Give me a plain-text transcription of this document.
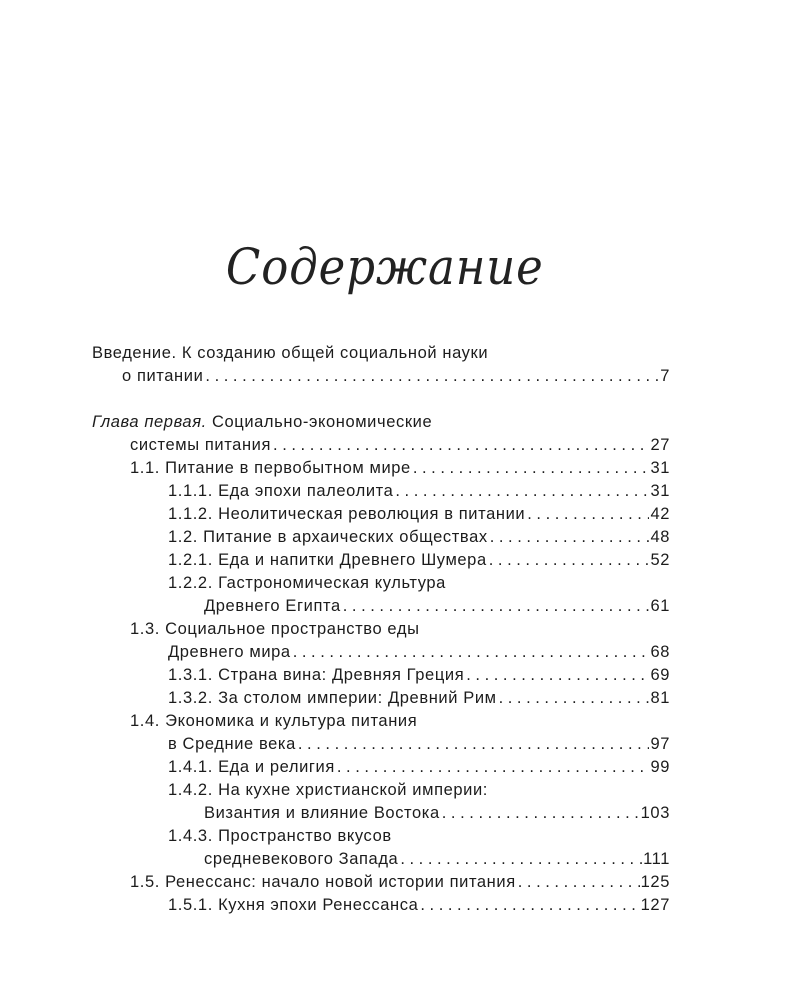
Содержание
Введение. К созданию общей социальной науки
о питании . . .	7
Глава первая. Социально-экономические
системы питания . . .	27
1.1. Питание в первобытном мире . . .	31
1.1.1. Еда эпохи палеолита . . .	31
1.1.2. Неолитическая революция в питании . . .	42
1.2. Питание в архаических обществах . . .	48
1.2.1. Еда и напитки Древнего Шумера . . .	52
1.2.2. Гастрономическая культура
Древнего Египта . . .	61
1.3. Социальное пространство еды
Древнего мира . . .	68
1.3.1. Страна вина: Древняя Греция . . .	69
1.3.2. За столом империи: Древний Рим . . .	81
1.4. Экономика и культура питания
в Средние века . . .	97
1.4.1. Еда и религия . . .	99
1.4.2. На кухне христианской империи:
Византия и влияние Востока . . .	103
1.4.3. Пространство вкусов
средневекового Запада . . .	111
1.5. Ренессанс: начало новой истории питания . . .	125
1.5.1. Кухня эпохи Ренессанса . . .	127
